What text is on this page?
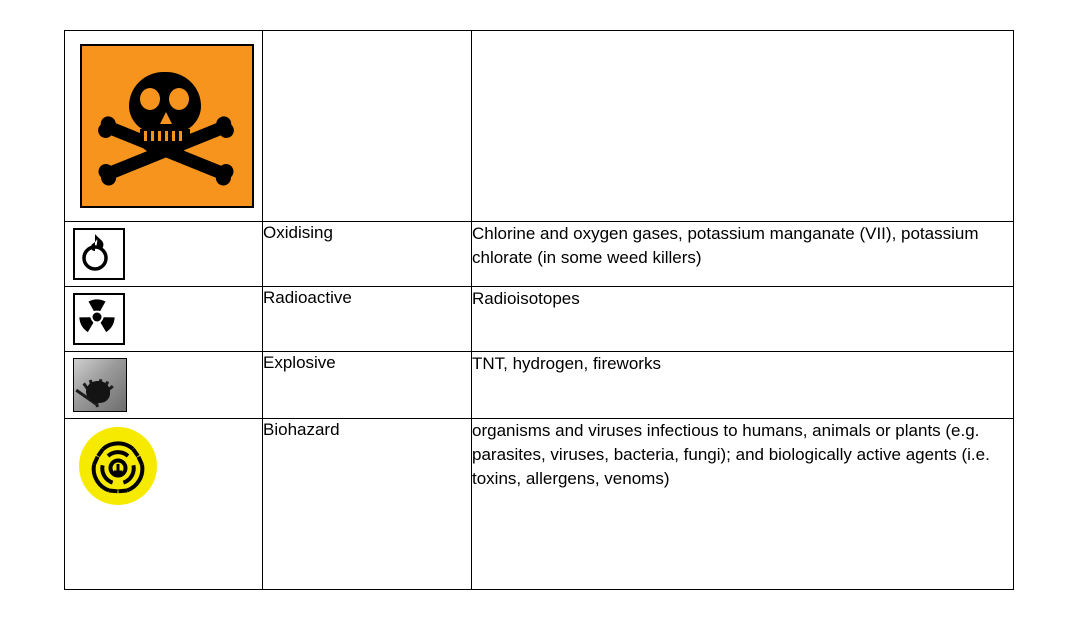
	Oxidising	Chlorine and oxygen gases, potassium manganate (VII), potassium chlorate (in some weed killers)

	Radioactive	Radioisotopes

	Explosive	TNT, hydrogen, fireworks

	Biohazard	organisms and viruses infectious to humans, animals or plants (e.g. parasites, viruses, bacteria, fungi); and biologically active agents (i.e. toxins, allergens, venoms)
